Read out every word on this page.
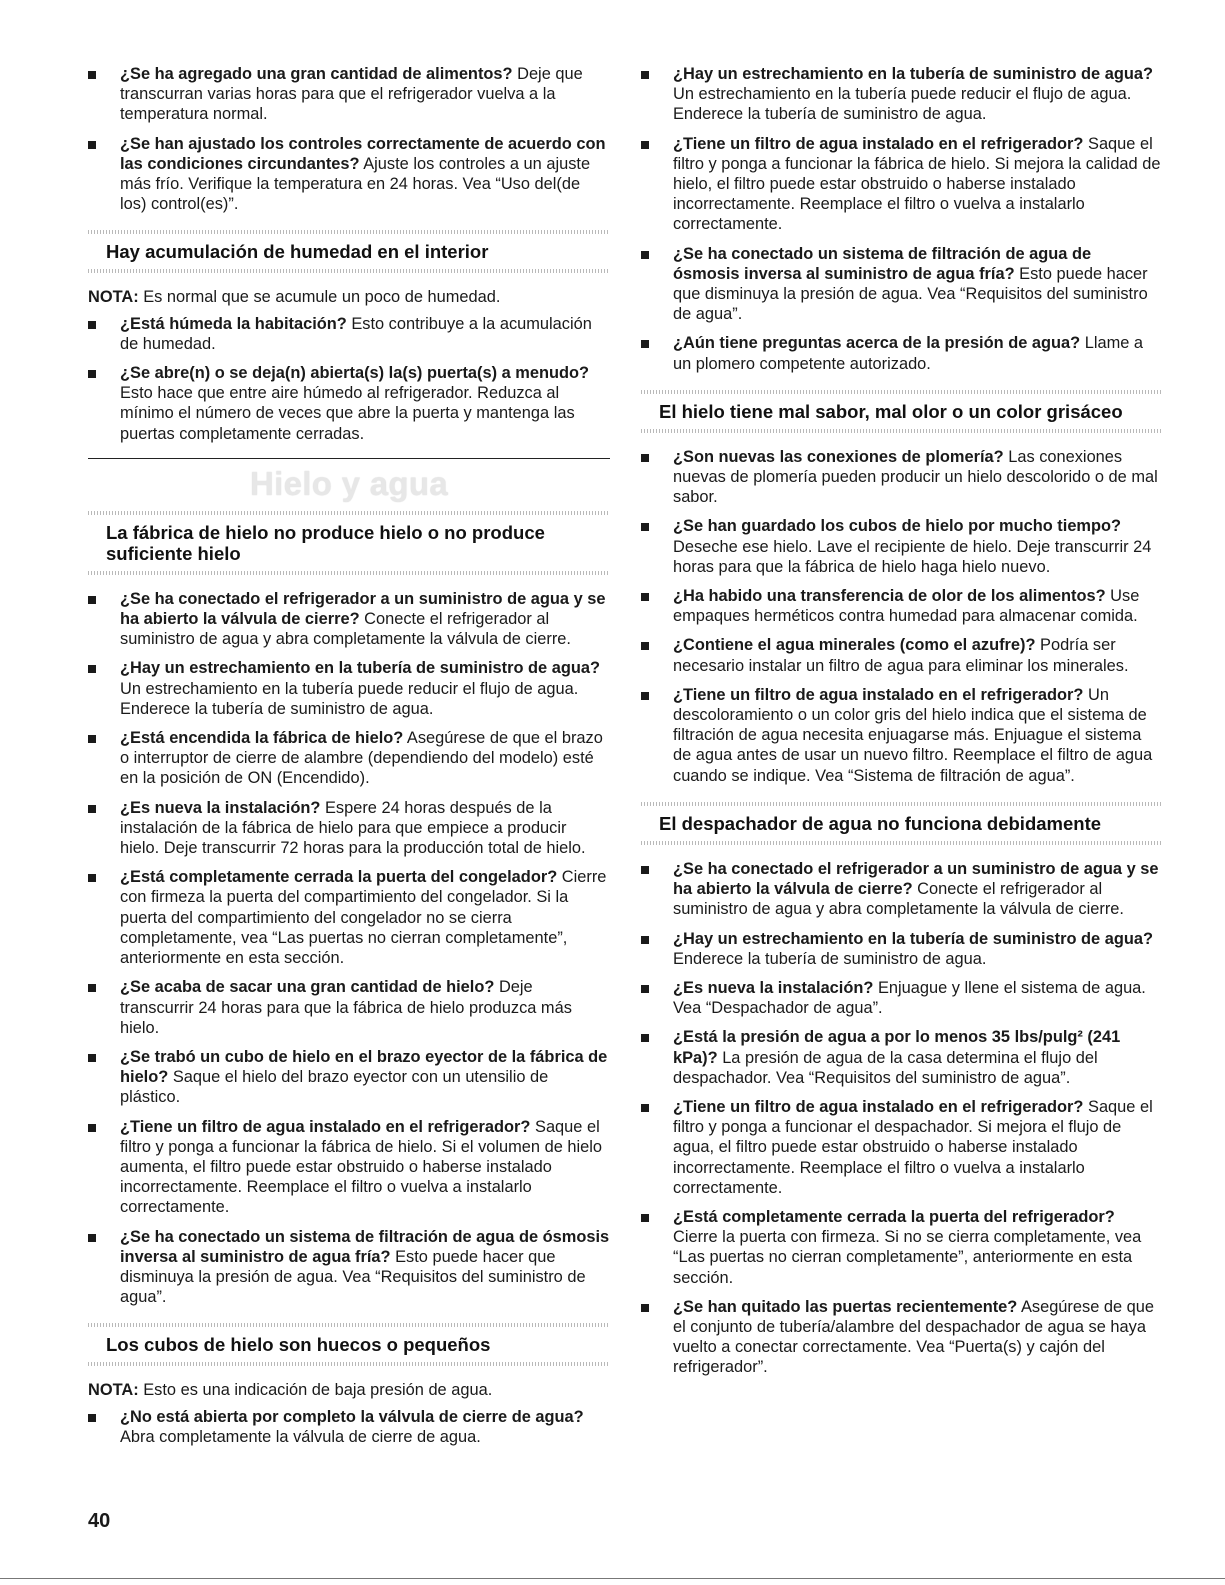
¿Se ha agregado una gran cantidad de alimentos? Deje que transcurran varias horas para que el refrigerador vuelva a la temperatura normal.
¿Se han ajustado los controles correctamente de acuerdo con las condiciones circundantes? Ajuste los controles a un ajuste más frío. Verifique la temperatura en 24 horas. Vea “Uso del(de los) control(es)”.
Hay acumulación de humedad en el interior
NOTA: Es normal que se acumule un poco de humedad.
¿Está húmeda la habitación? Esto contribuye a la acumulación de humedad.
¿Se abre(n) o se deja(n) abierta(s) la(s) puerta(s) a menudo? Esto hace que entre aire húmedo al refrigerador. Reduzca al mínimo el número de veces que abre la puerta y mantenga las puertas completamente cerradas.
Hielo y agua
La fábrica de hielo no produce hielo o no produce suficiente hielo
¿Se ha conectado el refrigerador a un suministro de agua y se ha abierto la válvula de cierre? Conecte el refrigerador al suministro de agua y abra completamente la válvula de cierre.
¿Hay un estrechamiento en la tubería de suministro de agua? Un estrechamiento en la tubería puede reducir el flujo de agua. Enderece la tubería de suministro de agua.
¿Está encendida la fábrica de hielo? Asegúrese de que el brazo o interruptor de cierre de alambre (dependiendo del modelo) esté en la posición de ON (Encendido).
¿Es nueva la instalación? Espere 24 horas después de la instalación de la fábrica de hielo para que empiece a producir hielo. Deje transcurrir 72 horas para la producción total de hielo.
¿Está completamente cerrada la puerta del congelador? Cierre con firmeza la puerta del compartimiento del congelador. Si la puerta del compartimiento del congelador no se cierra completamente, vea “Las puertas no cierran completamente”, anteriormente en esta sección.
¿Se acaba de sacar una gran cantidad de hielo? Deje transcurrir 24 horas para que la fábrica de hielo produzca más hielo.
¿Se trabó un cubo de hielo en el brazo eyector de la fábrica de hielo? Saque el hielo del brazo eyector con un utensilio de plástico.
¿Tiene un filtro de agua instalado en el refrigerador? Saque el filtro y ponga a funcionar la fábrica de hielo. Si el volumen de hielo aumenta, el filtro puede estar obstruido o haberse instalado incorrectamente. Reemplace el filtro o vuelva a instalarlo correctamente.
¿Se ha conectado un sistema de filtración de agua de ósmosis inversa al suministro de agua fría? Esto puede hacer que disminuya la presión de agua. Vea “Requisitos del suministro de agua”.
Los cubos de hielo son huecos o pequeños
NOTA: Esto es una indicación de baja presión de agua.
¿No está abierta por completo la válvula de cierre de agua? Abra completamente la válvula de cierre de agua.
¿Hay un estrechamiento en la tubería de suministro de agua? Un estrechamiento en la tubería puede reducir el flujo de agua. Enderece la tubería de suministro de agua.
¿Tiene un filtro de agua instalado en el refrigerador? Saque el filtro y ponga a funcionar la fábrica de hielo. Si mejora la calidad de hielo, el filtro puede estar obstruido o haberse instalado incorrectamente. Reemplace el filtro o vuelva a instalarlo correctamente.
¿Se ha conectado un sistema de filtración de agua de ósmosis inversa al suministro de agua fría? Esto puede hacer que disminuya la presión de agua. Vea “Requisitos del suministro de agua”.
¿Aún tiene preguntas acerca de la presión de agua? Llame a un plomero competente autorizado.
El hielo tiene mal sabor, mal olor o un color grisáceo
¿Son nuevas las conexiones de plomería? Las conexiones nuevas de plomería pueden producir un hielo descolorido o de mal sabor.
¿Se han guardado los cubos de hielo por mucho tiempo? Deseche ese hielo. Lave el recipiente de hielo. Deje transcurrir 24 horas para que la fábrica de hielo haga hielo nuevo.
¿Ha habido una transferencia de olor de los alimentos? Use empaques herméticos contra humedad para almacenar comida.
¿Contiene el agua minerales (como el azufre)? Podría ser necesario instalar un filtro de agua para eliminar los minerales.
¿Tiene un filtro de agua instalado en el refrigerador? Un descoloramiento o un color gris del hielo indica que el sistema de filtración de agua necesita enjuagarse más. Enjuague el sistema de agua antes de usar un nuevo filtro. Reemplace el filtro de agua cuando se indique. Vea “Sistema de filtración de agua”.
El despachador de agua no funciona debidamente
¿Se ha conectado el refrigerador a un suministro de agua y se ha abierto la válvula de cierre? Conecte el refrigerador al suministro de agua y abra completamente la válvula de cierre.
¿Hay un estrechamiento en la tubería de suministro de agua? Enderece la tubería de suministro de agua.
¿Es nueva la instalación? Enjuague y llene el sistema de agua. Vea “Despachador de agua”.
¿Está la presión de agua a por lo menos 35 lbs/pulg² (241 kPa)? La presión de agua de la casa determina el flujo del despachador. Vea “Requisitos del suministro de agua”.
¿Tiene un filtro de agua instalado en el refrigerador? Saque el filtro y ponga a funcionar el despachador. Si mejora el flujo de agua, el filtro puede estar obstruido o haberse instalado incorrectamente. Reemplace el filtro o vuelva a instalarlo correctamente.
¿Está completamente cerrada la puerta del refrigerador? Cierre la puerta con firmeza. Si no se cierra completamente, vea “Las puertas no cierran completamente”, anteriormente en esta sección.
¿Se han quitado las puertas recientemente? Asegúrese de que el conjunto de tubería/alambre del despachador de agua se haya vuelto a conectar correctamente. Vea “Puerta(s) y cajón del refrigerador”.
40
